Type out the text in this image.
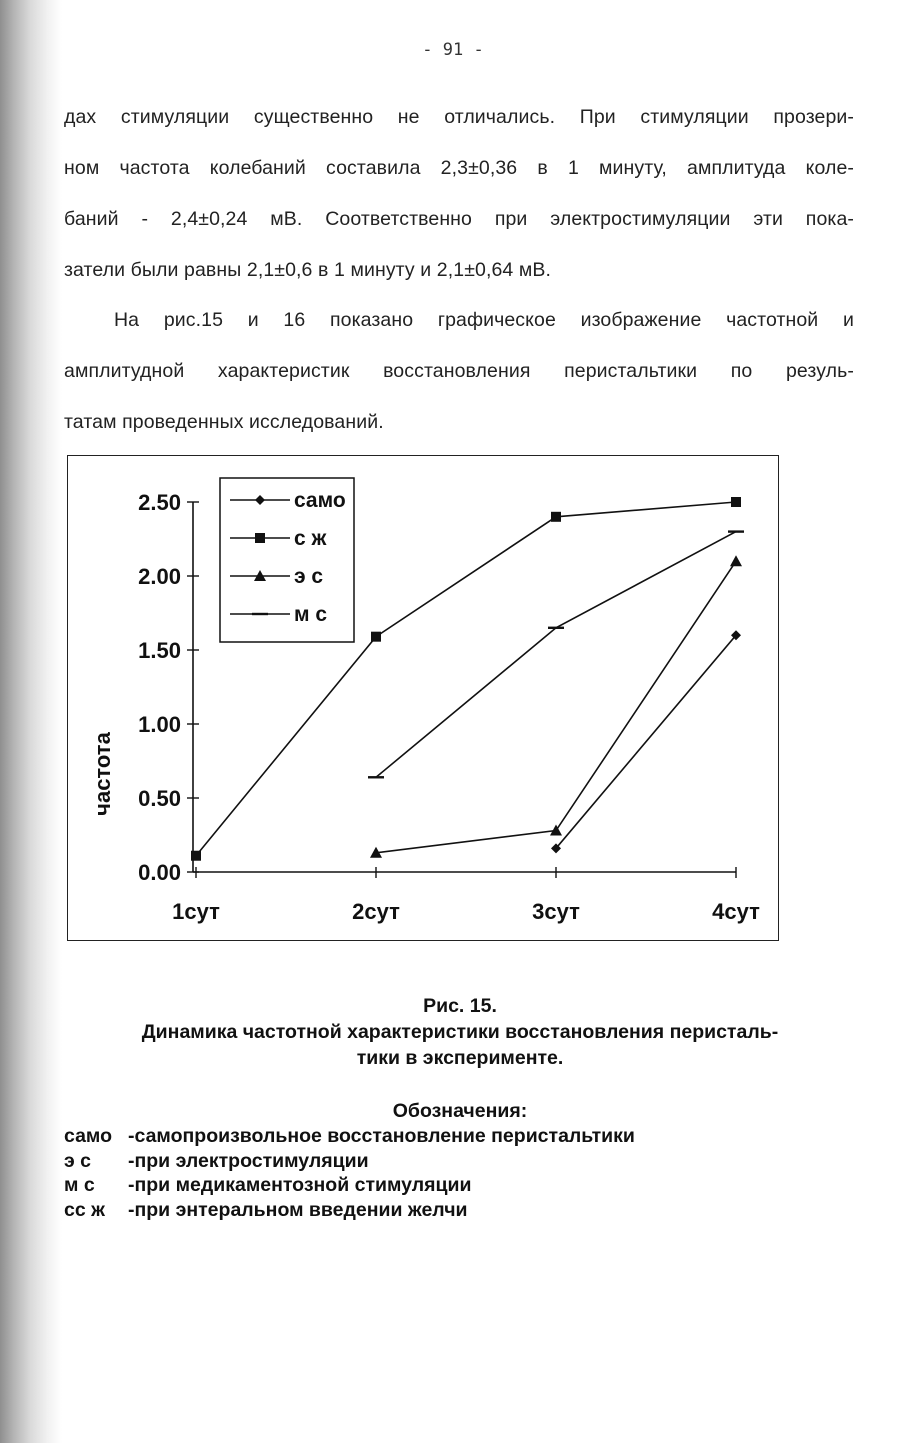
- 91 -
дах стимуляции существенно не отличались. При стимуляции прозери-
ном частота колебаний составила 2,3±0,36 в 1 минуту, амплитуда коле-
баний - 2,4±0,24 мВ. Соответственно при электростимуляции эти пока-
затели были равны 2,1±0,6 в 1 минуту и 2,1±0,64 мВ.
На рис.15 и 16 показано графическое изображение частотной и
амплитудной характеристик восстановления перистальтики по резуль-
татам проведенных исследований.
0.00
0.50
1.00
1.50
2.00
2.50
1сут	2сут	3сут	4сут
частота
само
с ж
э с
м с
Рис. 15.
Динамика частотной характеристики восстановления перисталь-
тики в эксперименте.
Обозначения:
само -самопроизвольное восстановление перистальтики
э с -при электростимуляции
м с -при медикаментозной стимуляции
сс ж -при энтеральном введении желчи
